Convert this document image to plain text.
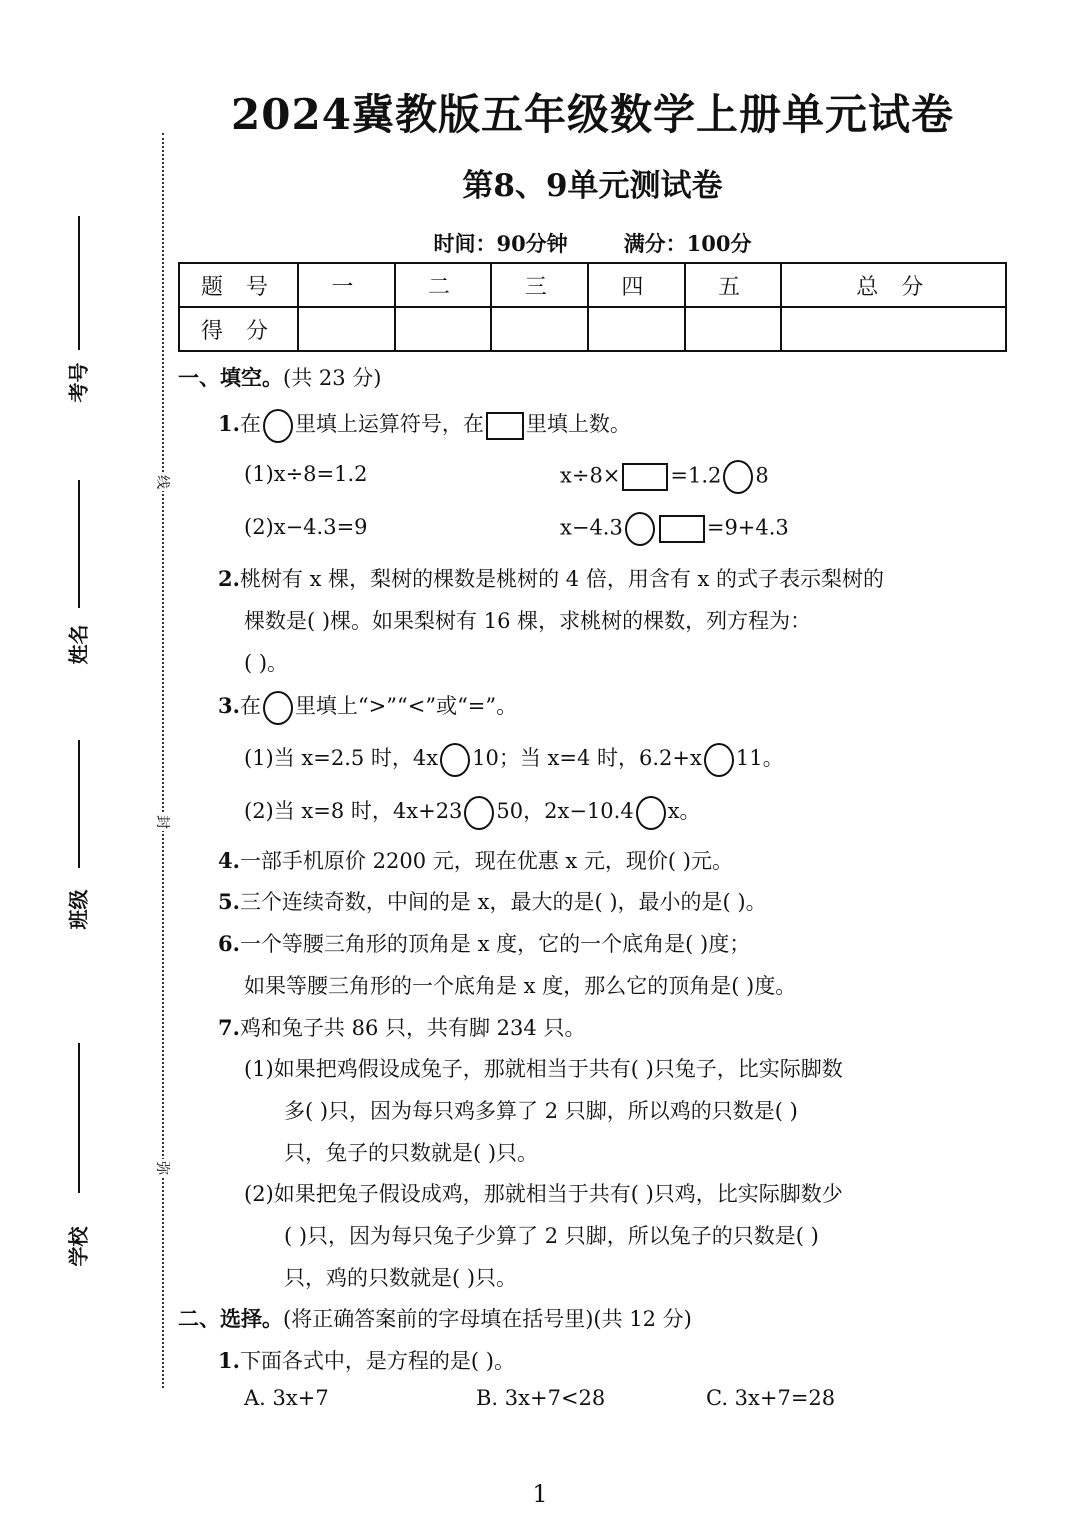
线
封
弥
考号
姓名
班级
学校
2024冀教版五年级数学上册单元试卷
第8、9单元测试卷
时间：90分钟	满分：100分
题 号	一	二	三	四	五	总 分
得 分						
一、填空。(共 23 分)
1.在 里填上运算符号，在 里填上数。
(1)x÷8=1.2	x÷8× =1.2 8
(2)x−4.3=9	x−4.3	=9+4.3
2.桃树有 x 棵，梨树的棵数是桃树的 4 倍，用含有 x 的式子表示梨树的
棵数是( )棵。如果梨树有 16 棵，求桃树的棵数，列方程为：
( )。
3.在 里填上“>”“<”或“=”。
(1)当 x=2.5 时，4x 10；当 x=4 时，6.2+x 11。
(2)当 x=8 时，4x+23 50，2x−10.4 x。
4.一部手机原价 2200 元，现在优惠 x 元，现价( )元。
5.三个连续奇数，中间的是 x，最大的是( )，最小的是( )。
6.一个等腰三角形的顶角是 x 度，它的一个底角是( )度；
如果等腰三角形的一个底角是 x 度，那么它的顶角是( )度。
7.鸡和兔子共 86 只，共有脚 234 只。
(1)如果把鸡假设成兔子，那就相当于共有( )只兔子，比实际脚数
多( )只，因为每只鸡多算了 2 只脚，所以鸡的只数是( )
只，兔子的只数就是( )只。
(2)如果把兔子假设成鸡，那就相当于共有( )只鸡，比实际脚数少
( )只，因为每只兔子少算了 2 只脚，所以兔子的只数是( )
只，鸡的只数就是( )只。
二、选择。(将正确答案前的字母填在括号里)(共 12 分)
1.下面各式中，是方程的是( )。
A. 3x+7	B. 3x+7<28	C. 3x+7=28
1
